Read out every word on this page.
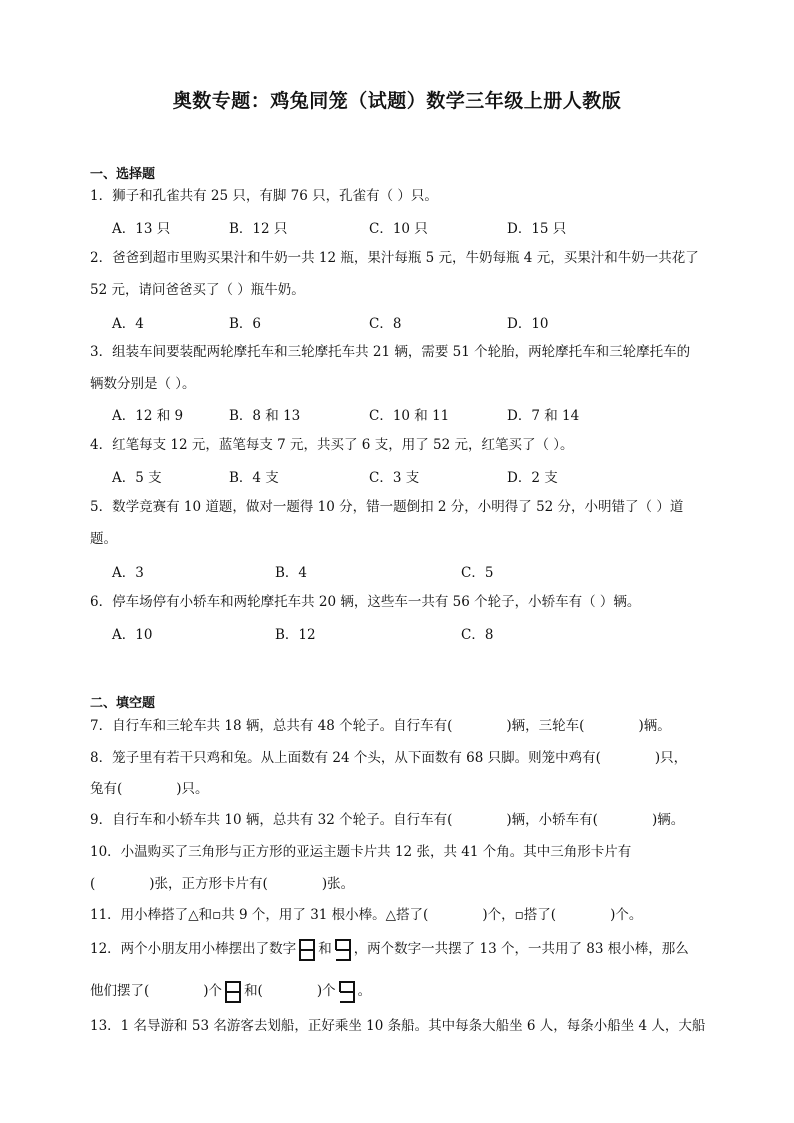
奥数专题：鸡兔同笼（试题）数学三年级上册人教版
一、选择题
1．狮子和孔雀共有 25 只，有脚 76 只，孔雀有（ ）只。
A．13 只	B．12 只	C．10 只	D．15 只
2．爸爸到超市里购买果汁和牛奶一共 12 瓶，果汁每瓶 5 元，牛奶每瓶 4 元，买果汁和牛奶一共花了
52 元，请问爸爸买了（ ）瓶牛奶。
A．4	B．6	C．8	D．10
3．组装车间要装配两轮摩托车和三轮摩托车共 21 辆，需要 51 个轮胎，两轮摩托车和三轮摩托车的
辆数分别是（ ）。
A．12 和 9	B．8 和 13	C．10 和 11	D．7 和 14
4．红笔每支 12 元，蓝笔每支 7 元，共买了 6 支，用了 52 元，红笔买了（ ）。
A．5 支	B．4 支	C．3 支	D．2 支
5．数学竞赛有 10 道题，做对一题得 10 分，错一题倒扣 2 分，小明得了 52 分，小明错了（ ）道
题。
A．3	B．4	C．5
6．停车场停有小轿车和两轮摩托车共 20 辆，这些车一共有 56 个轮子，小轿车有（ ）辆。
A．10	B．12	C．8
二、填空题
7．自行车和三轮车共 18 辆，总共有 48 个轮子。自行车有(	)辆，三轮车(	)辆。
8．笼子里有若干只鸡和兔。从上面数有 24 个头，从下面数有 68 只脚。则笼中鸡有(	)只，
兔有(	)只。
9．自行车和小轿车共 10 辆，总共有 32 个轮子。自行车有(	)辆，小轿车有(	)辆。
10．小温购买了三角形与正方形的亚运主题卡片共 12 张，共 41 个角。其中三角形卡片有
(	)张，正方形卡片有(	)张。
11．用小棒搭了△和▫共 9 个，用了 31 根小棒。△搭了(	)个，▫搭了(	)个。
12．两个小朋友用小棒摆出了数字 和 ，两个数字一共摆了 13 个，一共用了 83 根小棒，那么
他们摆了(	)个 和(	)个 。
13．1 名导游和 53 名游客去划船，正好乘坐 10 条船。其中每条大船坐 6 人，每条小船坐 4 人，大船
